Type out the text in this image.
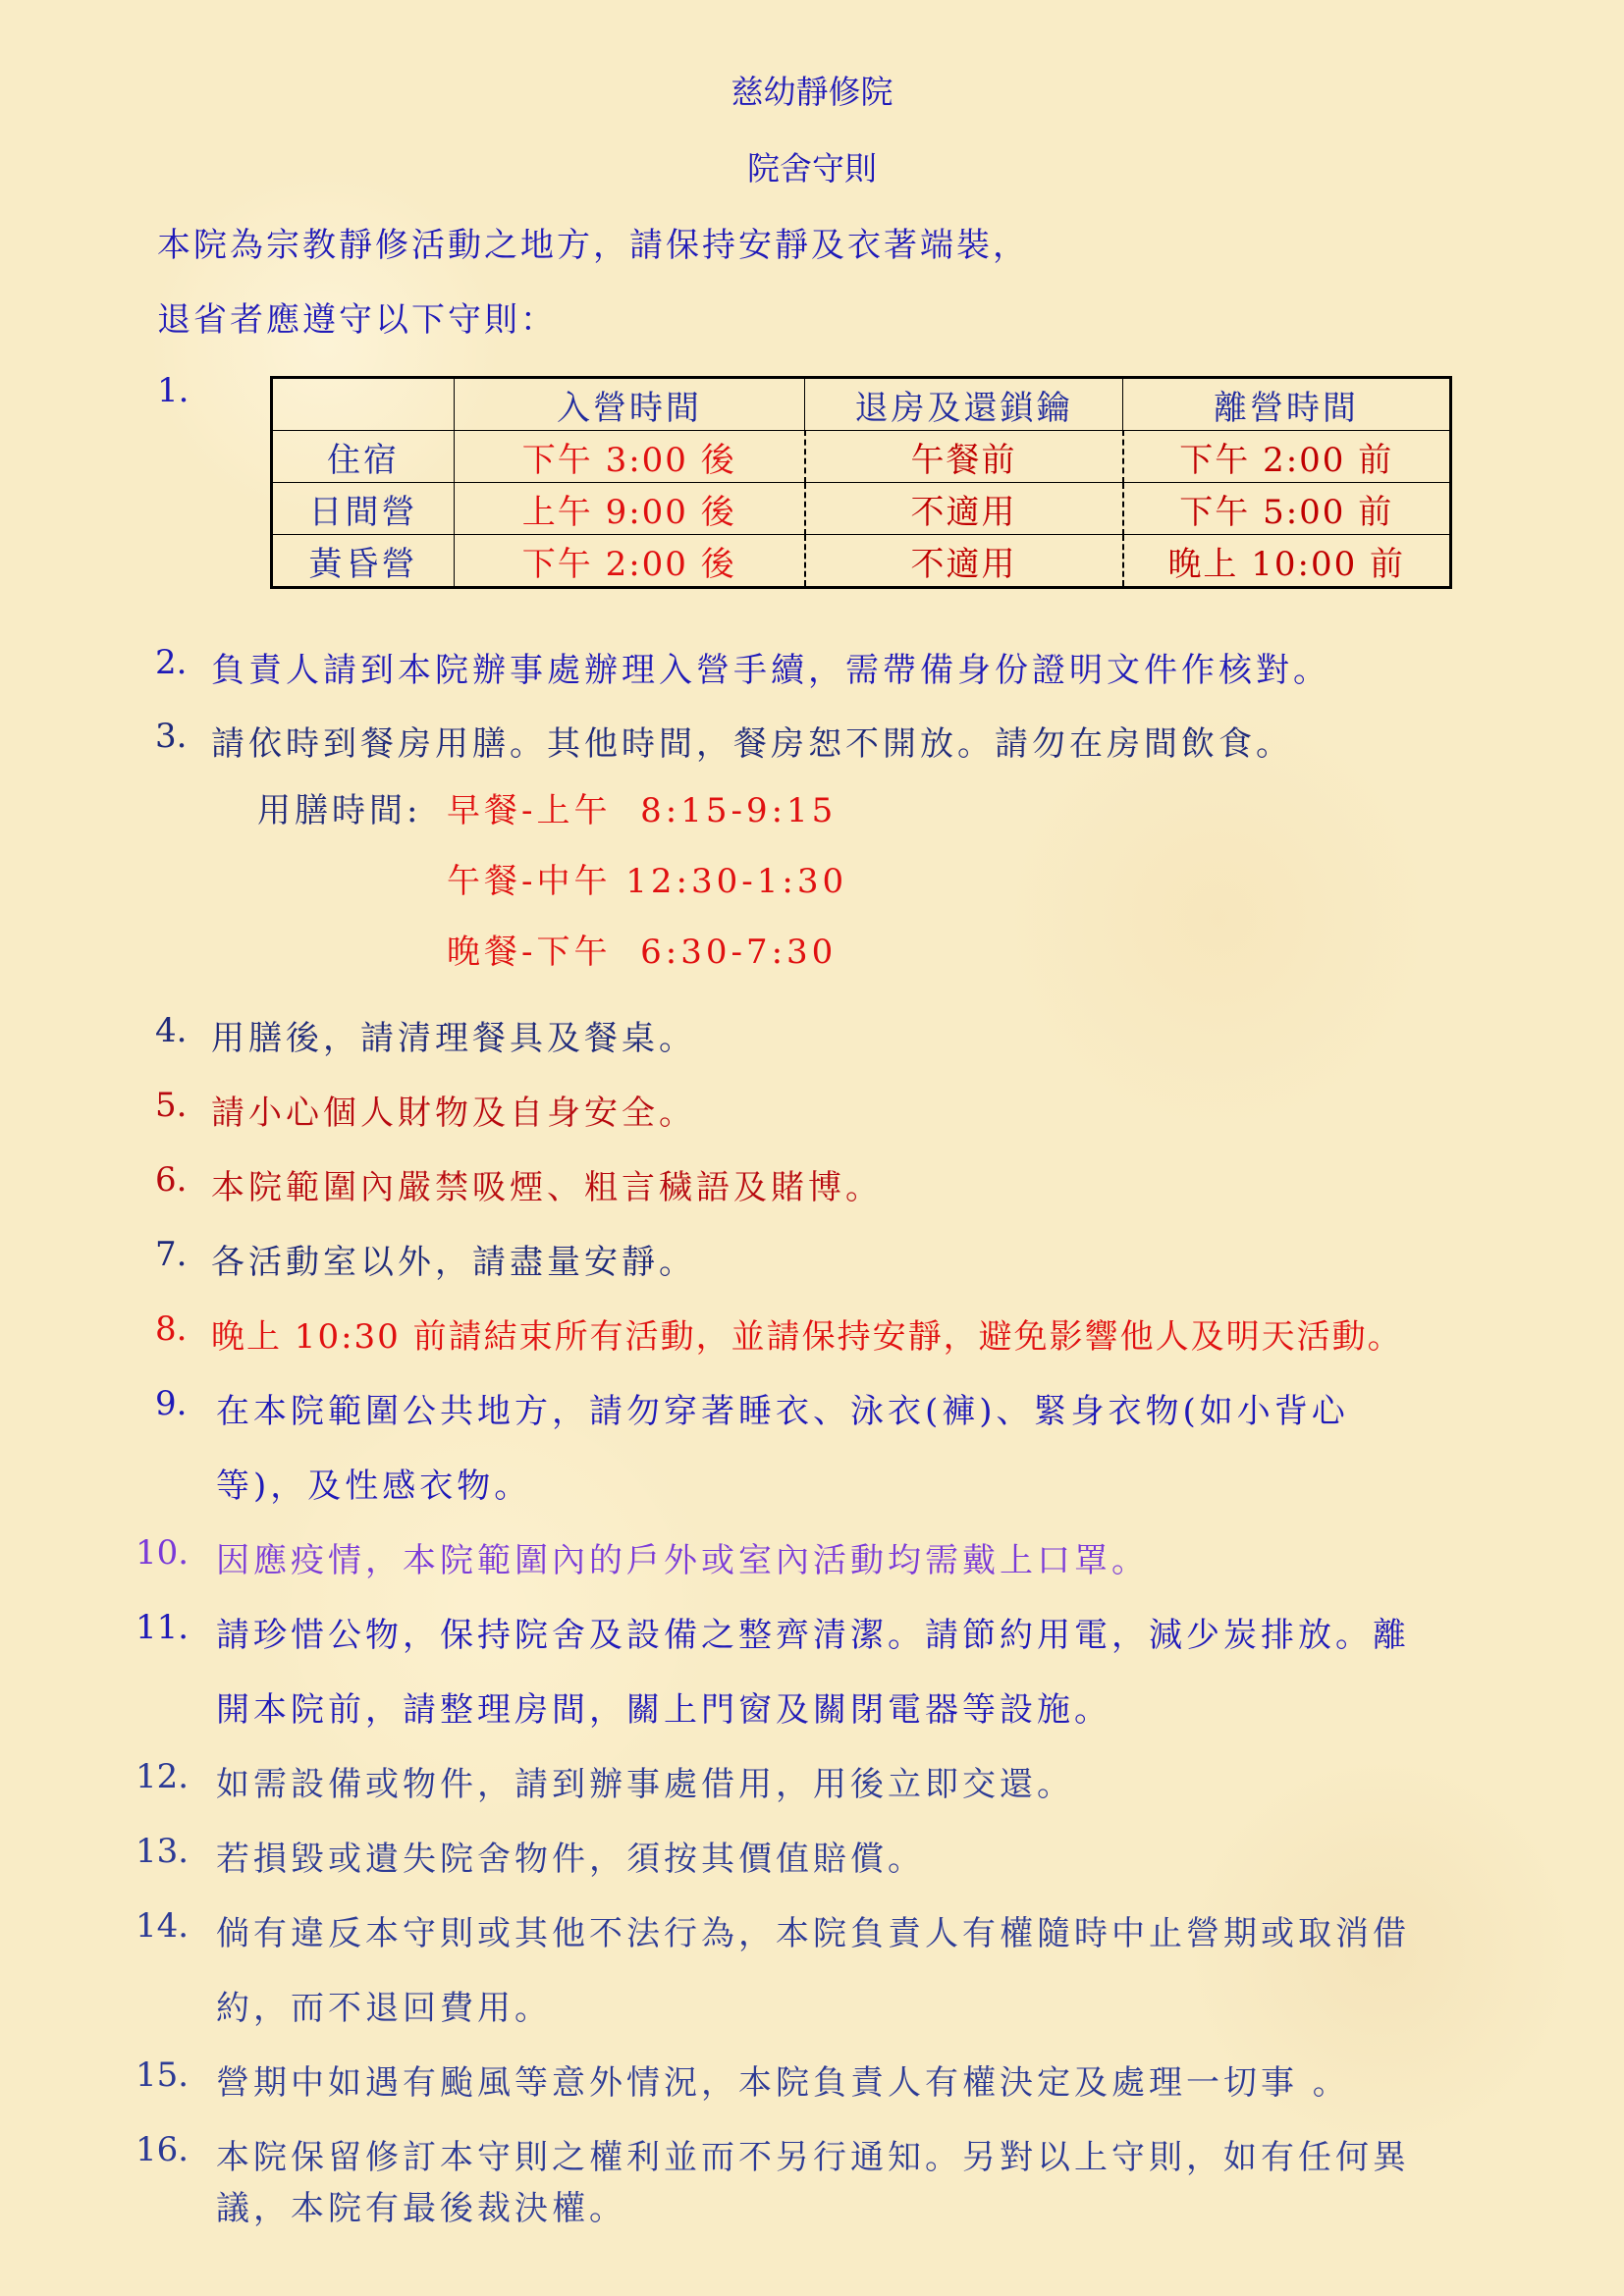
慈幼靜修院
院舍守則
本院為宗教靜修活動之地方，請保持安靜及衣著端裝，
退省者應遵守以下守則：
1.
		入營時間	退房及還鎖鑰	離營時間
住宿	下午 3:00 後	午餐前	下午 2:00 前
日間營	上午 9:00 後	不適用	下午 5:00 前
黃昏營	下午 2:00 後	不適用	晚上 10:00 前
2. 負責人請到本院辦事處辦理入營手續，需帶備身份證明文件作核對。
3. 請依時到餐房用膳。其他時間，餐房恕不開放。請勿在房間飲食。
用膳時間: 早餐-上午  8:15-9:15
午餐-中午 12:30-1:30
晚餐-下午  6:30-7:30
4. 用膳後，請清理餐具及餐桌。
5. 請小心個人財物及自身安全。
6. 本院範圍內嚴禁吸煙、粗言穢語及賭博。
7. 各活動室以外，請盡量安靜。
8. 晚上 10:30 前請結束所有活動，並請保持安靜，避免影響他人及明天活動。
9. 在本院範圍公共地方，請勿穿著睡衣、泳衣(褲)、緊身衣物(如小背心
等)，及性感衣物。
10. 因應疫情，本院範圍內的戶外或室內活動均需戴上口罩。
11. 請珍惜公物，保持院舍及設備之整齊清潔。請節約用電，減少炭排放。離
開本院前，請整理房間，關上門窗及關閉電器等設施。
12. 如需設備或物件，請到辦事處借用，用後立即交還。
13. 若損毀或遺失院舍物件，須按其價值賠償。
14. 倘有違反本守則或其他不法行為，本院負責人有權隨時中止營期或取消借
約，而不退回費用。
15. 營期中如遇有颱風等意外情況，本院負責人有權決定及處理一切事 。
16. 本院保留修訂本守則之權利並而不另行通知。另對以上守則，如有任何異
議，本院有最後裁決權。
